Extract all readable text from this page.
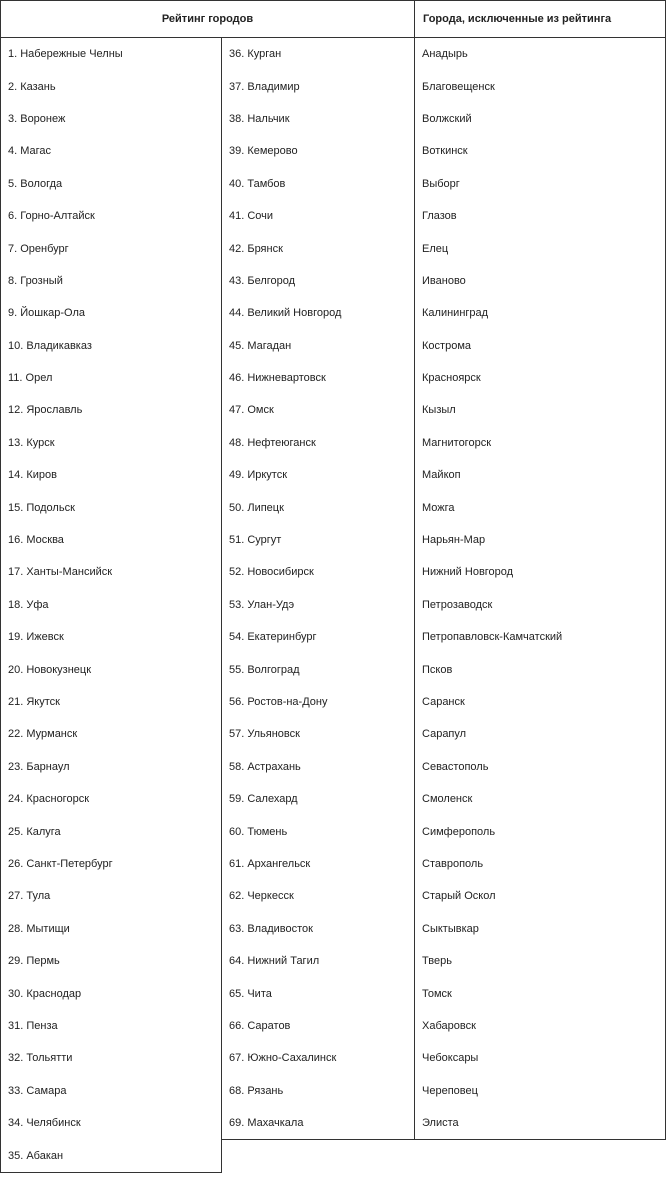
Рейтинг городов		Города, исключенные из рейтинга
1. Набережные Челны	36. Курган	Анадырь
2. Казань	37. Владимир	Благовещенск
3. Воронеж	38. Нальчик	Волжский
4. Магас	39. Кемерово	Воткинск
5. Вологда	40. Тамбов	Выборг
6. Горно-Алтайск	41. Сочи	Глазов
7. Оренбург	42. Брянск	Елец
8. Грозный	43. Белгород	Иваново
9. Йошкар-Ола	44. Великий Новгород	Калининград
10. Владикавказ	45. Магадан	Кострома
11. Орел	46. Нижневартовск	Красноярск
12. Ярославль	47. Омск	Кызыл
13. Курск	48. Нефтеюганск	Магнитогорск
14. Киров	49. Иркутск	Майкоп
15. Подольск	50. Липецк	Можга
16. Москва	51. Сургут	Нарьян-Мар
17. Ханты-Мансийск	52. Новосибирск	Нижний Новгород
18. Уфа	53. Улан-Удэ	Петрозаводск
19. Ижевск	54. Екатеринбург	Петропавловск-Камчатский
20. Новокузнецк	55. Волгоград	Псков
21. Якутск	56. Ростов-на-Дону	Саранск
22. Мурманск	57. Ульяновск	Сарапул
23. Барнаул	58. Астрахань	Севастополь
24. Красногорск	59. Салехард	Смоленск
25. Калуга	60. Тюмень	Симферополь
26. Санкт-Петербург	61. Архангельск	Ставрополь
27. Тула	62. Черкесск	Старый Оскол
28. Мытищи	63. Владивосток	Сыктывкар
29. Пермь	64. Нижний Тагил	Тверь
30. Краснодар	65. Чита	Томск
31. Пенза	66. Саратов	Хабаровск
32. Тольятти	67. Южно-Сахалинск	Чебоксары
33. Самара	68. Рязань	Череповец
34. Челябинск	69. Махачкала	Элиста
35. Абакан		
